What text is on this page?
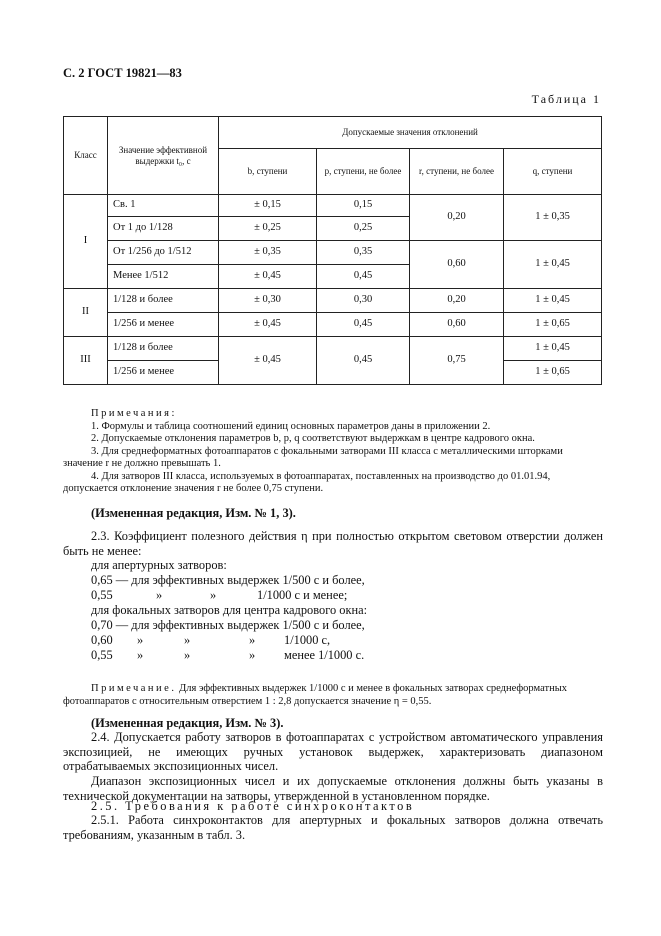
С. 2 ГОСТ 19821—83
Таблица 1
Класс	Значение эффективной выдержки t₀, с	Допускаемые значения отклонений			
		b, ступени	p, ступени, не более	r, ступени, не более	q, ступени
I	Св. 1	± 0,15	0,15	0,20	1 ± 0,35
	От 1 до 1/128	± 0,25	0,25		
	От 1/256 до 1/512	± 0,35	0,35	0,60	1 ± 0,45
	Менее 1/512	± 0,45	0,45		
II	1/128 и более	± 0,30	0,30	0,20	1 ± 0,45
	1/256 и менее	± 0,45	0,45	0,60	1 ± 0,65
III	1/128 и более	± 0,45	0,45	0,75	1 ± 0,45
	1/256 и менее				1 ± 0,65

Примечания:

1. Формулы и таблица соотношений единиц основных параметров даны в приложении 2.

2. Допускаемые отклонения параметров b, p, q соответствуют выдержкам в центре кадрового окна.

3. Для среднеформатных фотоаппаратов с фокальными затворами III класса с металлическими шторками значение r не должно превышать 1.

4. Для затворов III класса, используемых в фотоаппаратах, поставленных на производство до 01.01.94, допускается отклонение значения r не более 0,75 ступени.

(Измененная редакция, Изм. № 1, 3).

2.3. Коэффициент полезного действия η при полностью открытом световом отверстии должен быть не менее:

для апертурных затворов:
0,65 — для эффективных выдержек 1/500 с и более,
0,55	»	»	1/1000 с и менее;
для фокальных затворов для центра кадрового окна:
0,70 — для эффективных выдержек 1/500 с и более,
0,60 »	»	» 1/1000 с,
0,55 »	»	» менее 1/1000 с.

Примечание. Для эффективных выдержек 1/1000 с и менее в фокальных затворах среднеформатных фотоаппаратов с относительным отверстием 1 : 2,8 допускается значение η = 0,55.

(Измененная редакция, Изм. № 3).

2.4. Допускается работу затворов в фотоаппаратах с устройством автоматического управления экспозицией, не имеющих ручных установок выдержек, характеризовать диапазоном отрабатываемых экспозиционных чисел.

Диапазон экспозиционных чисел и их допускаемые отклонения должны быть указаны в технической документации на затворы, утвержденной в установленном порядке.

2.5. Требования к работе синхроконтактов

2.5.1. Работа синхроконтактов для апертурных и фокальных затворов должна отвечать требованиям, указанным в табл. 3.
